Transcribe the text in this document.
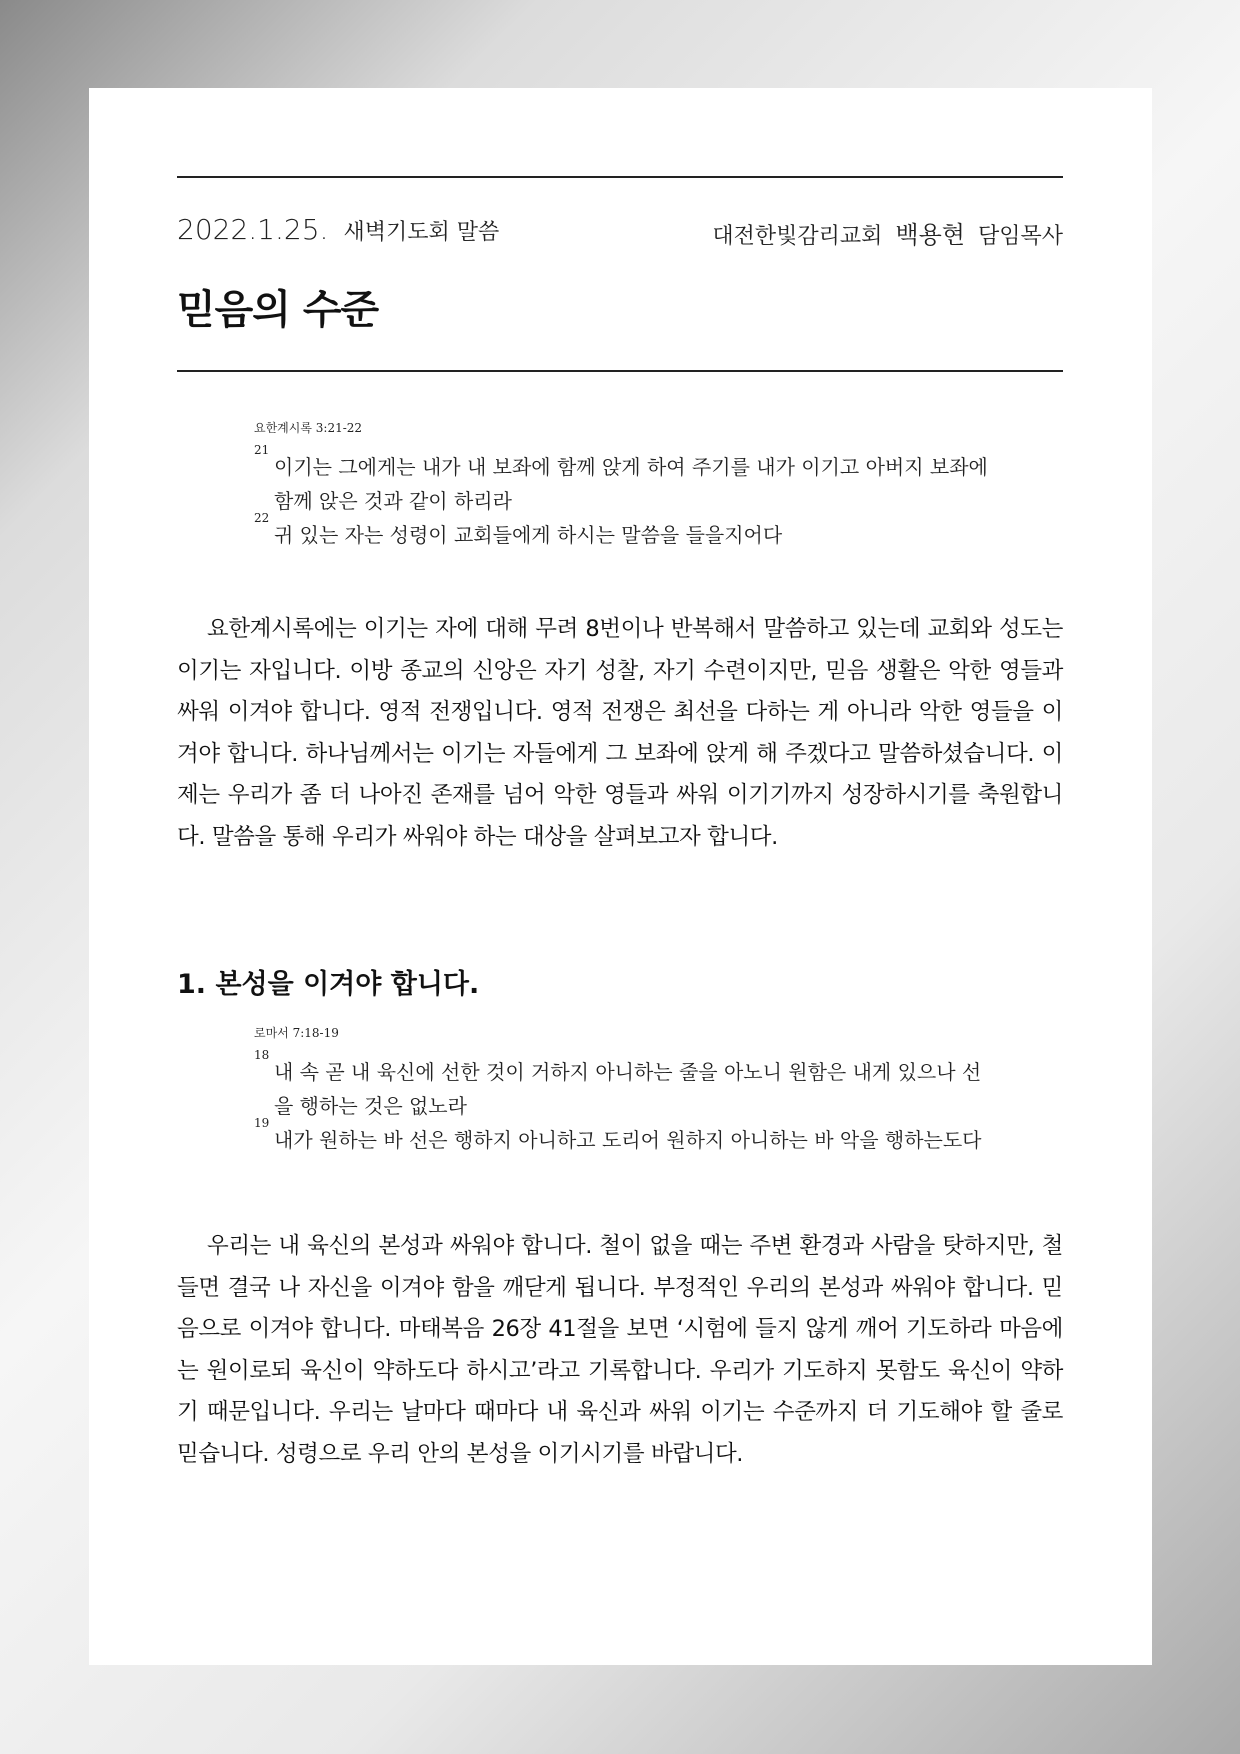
2022.1.25. 새벽기도회 말씀	대전한빛감리교회 백용현 담임목사
믿음의 수준
요한계시록 3:21-22
21
이기는 그에게는 내가 내 보좌에 함께 앉게 하여 주기를 내가 이기고 아버지 보좌에 함께 앉은 것과 같이 하리라
22
귀 있는 자는 성령이 교회들에게 하시는 말씀을 들을지어다
요한계시록에는 이기는 자에 대해 무려 8번이나 반복해서 말씀하고 있는데 교회와 성도는 이기는 자입니다. 이방 종교의 신앙은 자기 성찰, 자기 수련이지만, 믿음 생활은 악한 영들과 싸워 이겨야 합니다. 영적 전쟁입니다. 영적 전쟁은 최선을 다하는 게 아니라 악한 영들을 이겨야 합니다. 하나님께서는 이기는 자들에게 그 보좌에 앉게 해 주겠다고 말씀하셨습니다. 이제는 우리가 좀 더 나아진 존재를 넘어 악한 영들과 싸워 이기기까지 성장하시기를 축원합니다. 말씀을 통해 우리가 싸워야 하는 대상을 살펴보고자 합니다.
1. 본성을 이겨야 합니다.
로마서 7:18-19
18
내 속 곧 내 육신에 선한 것이 거하지 아니하는 줄을 아노니 원함은 내게 있으나 선을 행하는 것은 없노라
19
내가 원하는 바 선은 행하지 아니하고 도리어 원하지 아니하는 바 악을 행하는도다
우리는 내 육신의 본성과 싸워야 합니다. 철이 없을 때는 주변 환경과 사람을 탓하지만, 철들면 결국 나 자신을 이겨야 함을 깨닫게 됩니다. 부정적인 우리의 본성과 싸워야 합니다. 믿음으로 이겨야 합니다. 마태복음 26장 41절을 보면 ‘시험에 들지 않게 깨어 기도하라 마음에는 원이로되 육신이 약하도다 하시고’라고 기록합니다. 우리가 기도하지 못함도 육신이 약하기 때문입니다. 우리는 날마다 때마다 내 육신과 싸워 이기는 수준까지 더 기도해야 할 줄로 믿습니다. 성령으로 우리 안의 본성을 이기시기를 바랍니다.
